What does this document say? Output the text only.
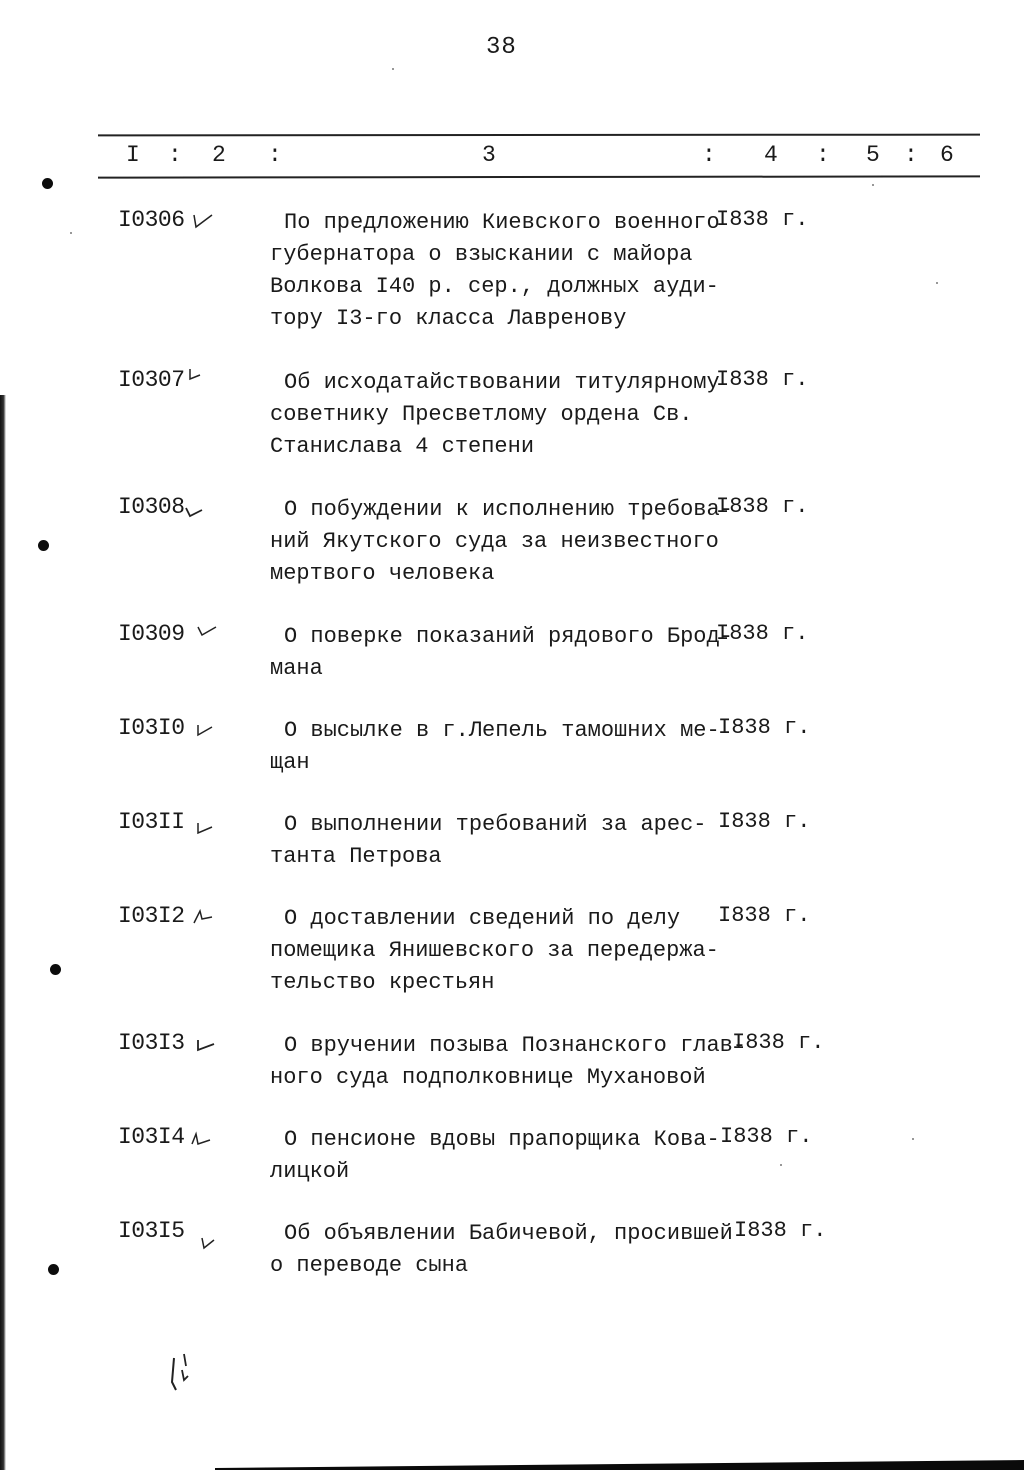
38
I : 2 :	3	: 4 : 5 : 6
I0306	По предложению Киевского военного
губернатора о взыскании с майора
Волкова I40 р. сер., должных ауди-
тору I3-го класса Лавренову
I838 г.
I0307	Об исходатайствовании титулярному
советнику Пресветлому ордена Св.
Станислава 4 степени
I838 г.
I0308	О побуждении к исполнению требова-
ний Якутского суда за неизвестного
мертвого человека
I838 г.
I0309	О поверке показаний рядового Брод-
мана
I838 г.
I03I0	О высылке в г.Лепель тамошних ме-
щан
I838 г.
I03II	О выполнении требований за арес-
танта Петрова
I838 г.
I03I2	О доставлении сведений по делу
помещика Янишевского за передержа-
тельство крестьян
I838 г.
I03I3	О вручении позыва Познанского глав-
ного суда подполковнице Мухановой
I838 г.
I03I4	О пенсионе вдовы прапорщика Кова-
лицкой
I838 г.
I03I5	Об объявлении Бабичевой, просившей
о переводе сына
I838 г.
